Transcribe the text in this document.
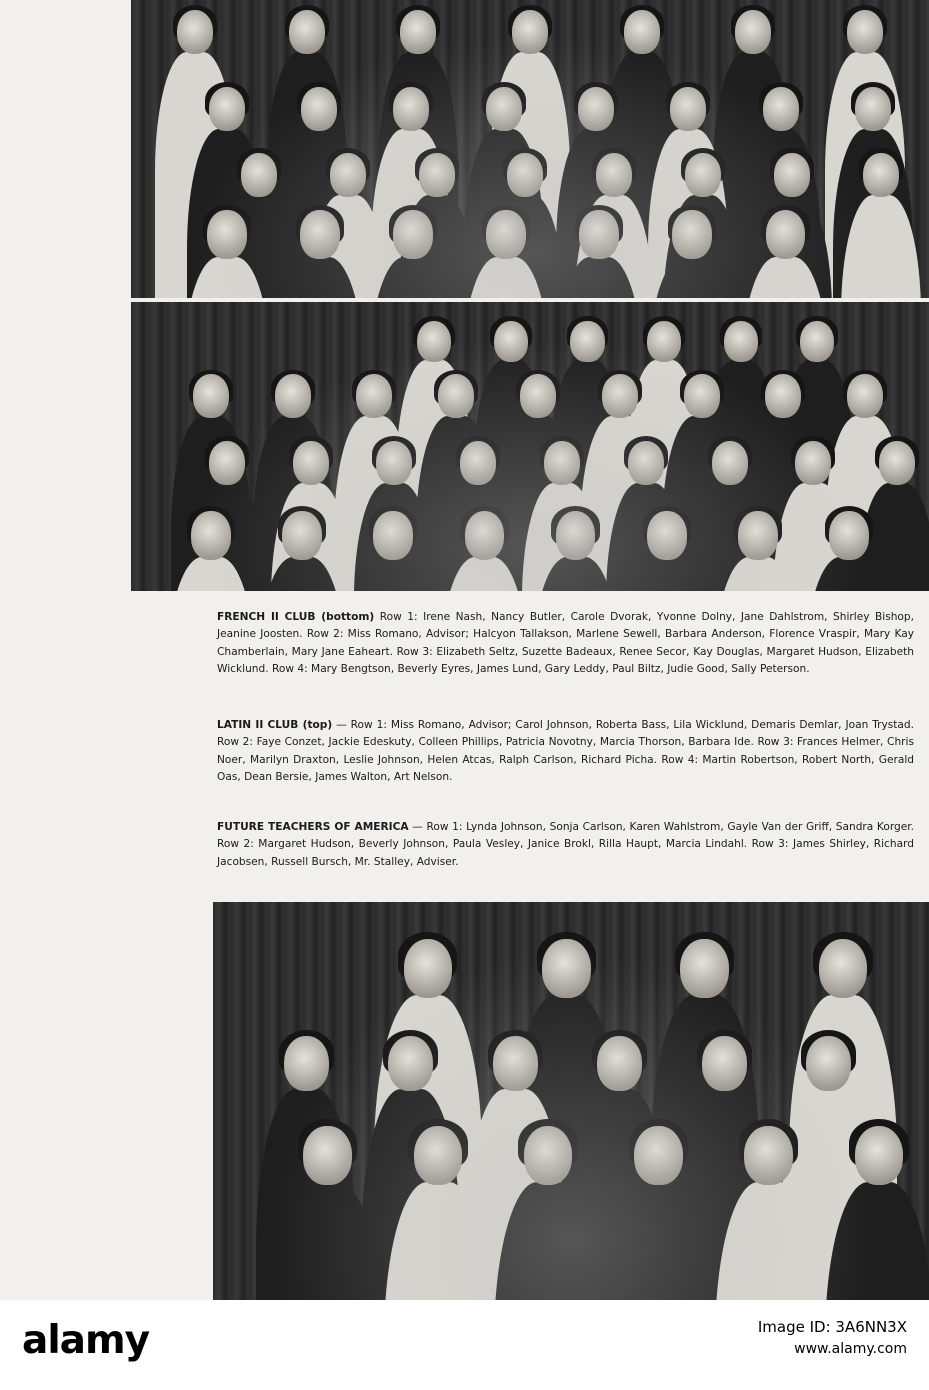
FRENCH II CLUB (bottom) Row 1: Irene Nash, Nancy Butler, Carole Dvorak, Yvonne Dolny, Jane Dahlstrom, Shirley Bishop, Jeanine Joosten. Row 2: Miss Romano, Advisor; Halcyon Tallakson, Marlene Sewell, Barbara Anderson, Florence Vraspir, Mary Kay Chamberlain, Mary Jane Eaheart. Row 3: Elizabeth Seltz, Suzette Badeaux, Renee Secor, Kay Douglas, Margaret Hudson, Elizabeth Wicklund. Row 4: Mary Bengtson, Beverly Eyres, James Lund, Gary Leddy, Paul Biltz, Judie Good, Sally Peterson.
LATIN II CLUB (top) — Row 1: Miss Romano, Advisor; Carol Johnson, Roberta Bass, Lila Wicklund, Demaris Demlar, Joan Trystad. Row 2: Faye Conzet, Jackie Edeskuty, Colleen Phillips, Patricia Novotny, Marcia Thorson, Barbara Ide. Row 3: Frances Helmer, Chris Noer, Marilyn Draxton, Leslie Johnson, Helen Atcas, Ralph Carlson, Richard Picha. Row 4: Martin Robertson, Robert North, Gerald Oas, Dean Bersie, James Walton, Art Nelson.
FUTURE TEACHERS OF AMERICA — Row 1: Lynda Johnson, Sonja Carlson, Karen Wahlstrom, Gayle Van der Griff, Sandra Korger. Row 2: Margaret Hudson, Beverly Johnson, Paula Vesley, Janice Brokl, Rilla Haupt, Marcia Lindahl. Row 3: James Shirley, Richard Jacobsen, Russell Bursch, Mr. Stalley, Adviser.
alamy	Image ID: 3A6NN3X
www.alamy.com
